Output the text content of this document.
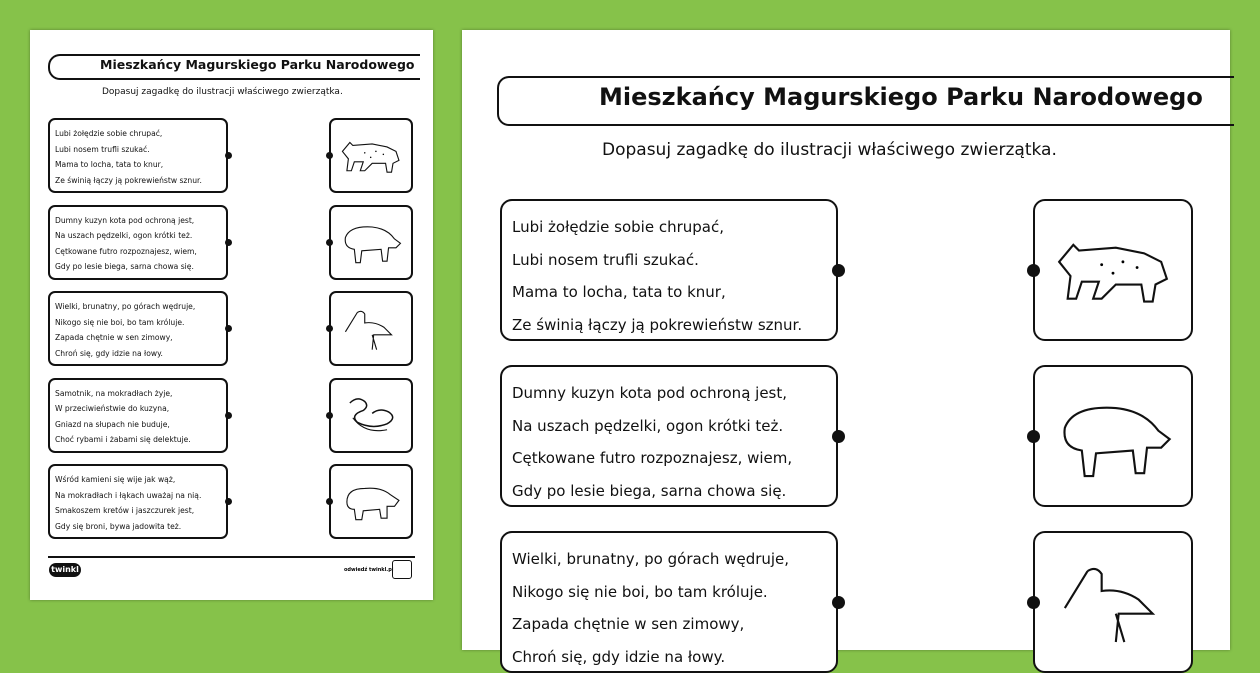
Mieszkańcy Magurskiego Parku Narodowego
Dopasuj zagadkę do ilustracji właściwego zwierzątka.
Lubi żołędzie sobie chrupać,
Lubi nosem trufli szukać.
Mama to locha, tata to knur,
Ze świnią łączy ją pokrewieństw sznur.
Dumny kuzyn kota pod ochroną jest,
Na uszach pędzelki, ogon krótki też.
Cętkowane futro rozpoznajesz, wiem,
Gdy po lesie biega, sarna chowa się.
Wielki, brunatny, po górach wędruje,
Nikogo się nie boi, bo tam króluje.
Zapada chętnie w sen zimowy,
Chroń się, gdy idzie na łowy.
Samotnik, na mokradłach żyje,
W przeciwieństwie do kuzyna,
Gniazd na słupach nie buduje,
Choć rybami i żabami się delektuje.
Wśród kamieni się wije jak wąż,
Na mokradłach i łąkach uważaj na nią.
Smakoszem kretów i jaszczurek jest,
Gdy się broni, bywa jadowita też.
twinkl	odwiedź twinkl.pl
Mieszkańcy Magurskiego Parku Narodowego
Dopasuj zagadkę do ilustracji właściwego zwierzątka.
Lubi żołędzie sobie chrupać,
Lubi nosem trufli szukać.
Mama to locha, tata to knur,
Ze świnią łączy ją pokrewieństw sznur.
Dumny kuzyn kota pod ochroną jest,
Na uszach pędzelki, ogon krótki też.
Cętkowane futro rozpoznajesz, wiem,
Gdy po lesie biega, sarna chowa się.
Wielki, brunatny, po górach wędruje,
Nikogo się nie boi, bo tam króluje.
Zapada chętnie w sen zimowy,
Chroń się, gdy idzie na łowy.
